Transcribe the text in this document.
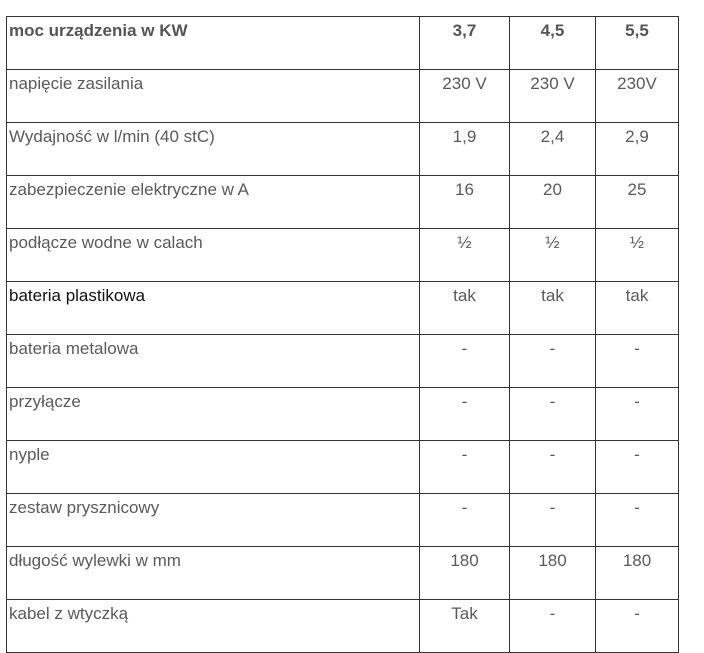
moc urządzenia w KW	3,7	4,5	5,5
napięcie zasilania	230 V	230 V	230V
Wydajność w l/min (40 stC)	1,9	2,4	2,9
zabezpieczenie elektryczne w A	16	20	25
podłącze wodne w calach	½	½	½
bateria plastikowa	tak	tak	tak
bateria metalowa	-	-	-
przyłącze	-	-	-
nyple	-	-	-
zestaw prysznicowy	-	-	-
długość wylewki w mm	180	180	180
kabel z wtyczką	Tak	-	-
